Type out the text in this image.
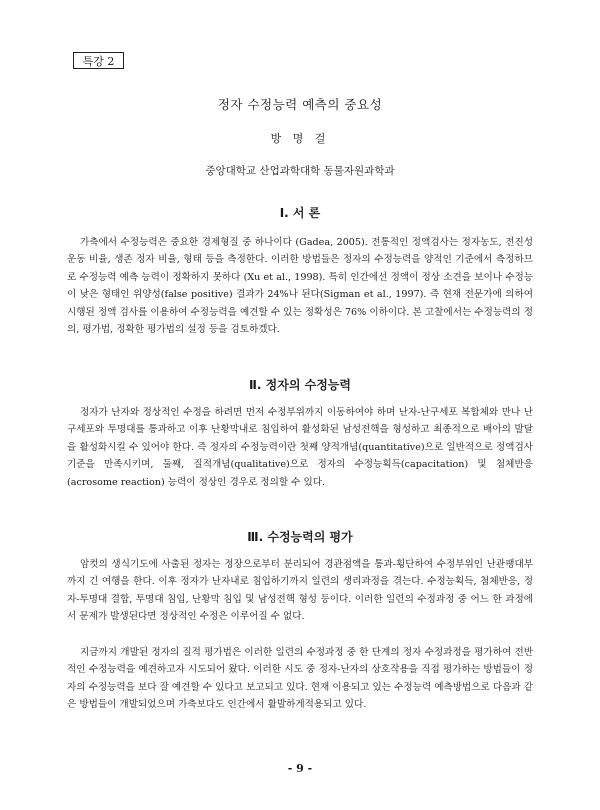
특강 2
정자 수정능력 예측의 중요성
방 명 걸
중앙대학교 산업과학대학 동물자원과학과
Ⅰ. 서 론

가축에서 수정능력은 중요한 경제형질 중 하나이다 (Gadea, 2005). 전통적인 정액검사는 정자농도, 전진성 운동 비율, 생존 정자 비율, 형태 등을 측정한다. 이러한 방법들은 정자의 수정능력을 양적인 기준에서 측정하므로 수정능력 예측 능력이 정확하지 못하다 (Xu et al., 1998). 특히 인간에선 정액이 정상 소견을 보이나 수정능이 낮은 형태인 위양성(false positive) 결과가 24%나 된다(Sigman et al., 1997). 즉 현재 전문가에 의하여 시행된 정액 검사를 이용하여 수정능력을 예견할 수 있는 정확성은 76% 이하이다. 본 고찰에서는 수정능력의 정의, 평가법, 정확한 평가법의 설정 등을 검토하겠다.

Ⅱ. 정자의 수정능력

정자가 난자와 정상적인 수정을 하려면 먼저 수정부위까지 이동하여야 하며 난자-난구세포 복합체와 만나 난구세포와 투명대를 통과하고 이후 난황막내로 침입하여 활성화된 남성전핵을 형성하고 최종적으로 배아의 발달을 활성화시킬 수 있어야 한다. 즉 정자의 수정능력이란 첫째 양적개념(quantitative)으로 일반적으로 정액검사기준을 만족시키며, 둘째, 질적개념(qualitative)으로 정자의 수정능획득(capacitation) 및 첨체반응(acrosome reaction) 능력이 정상인 경우로 정의할 수 있다.

Ⅲ. 수정능력의 평가

암컷의 생식기도에 사출된 정자는 정장으로부터 분리되어 경관점액을 통과-횡단하여 수정부위인 난관팽대부까지 긴 여행을 한다. 이후 정자가 난자내로 침입하기까지 일련의 생리과정을 겪는다. 수정능획득, 첨체반응, 정자-투명대 결합, 투명대 침입, 난황막 침입 및 남성전핵 형성 등이다. 이러한 일련의 수정과정 중 어느 한 과정에서 문제가 발생된다면 정상적인 수정은 이루어질 수 없다.

지금까지 개발된 정자의 질적 평가법은 이러한 일련의 수정과정 중 한 단계의 정자 수정과정을 평가하여 전반적인 수정능력을 예견하고자 시도되어 왔다. 이러한 시도 중 정자-난자의 상호작용을 직접 평가하는 방법들이 정자의 수정능력을 보다 잘 예견할 수 있다고 보고되고 있다. 현재 이용되고 있는 수정능력 예측방법으로 다음과 같은 방법들이 개발되었으며 가축보다도 인간에서 활발하게적용되고 있다.

- 9 -
